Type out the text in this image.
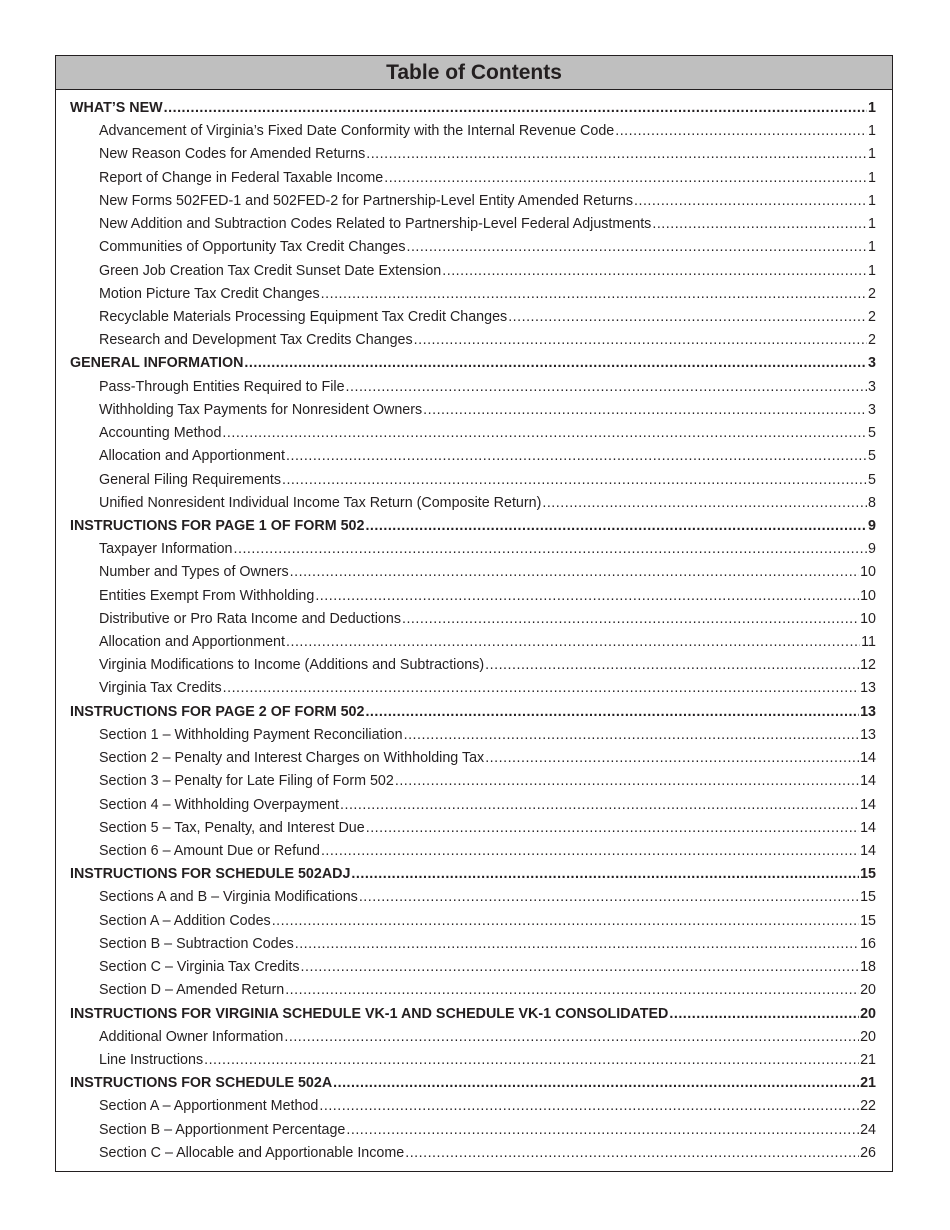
Table of Contents
WHAT’S NEW .....	1
Advancement of Virginia’s Fixed Date Conformity with the Internal Revenue Code .....	1
New Reason Codes for Amended Returns .....	1
Report of Change in Federal Taxable Income .....	1
New Forms 502FED-1 and 502FED-2 for Partnership-Level Entity Amended Returns .....	1
New Addition and Subtraction Codes Related to Partnership-Level Federal Adjustments .....	1
Communities of Opportunity Tax Credit Changes .....	1
Green Job Creation Tax Credit Sunset Date Extension .....	1
Motion Picture Tax Credit Changes .....	2
Recyclable Materials Processing Equipment Tax Credit Changes .....	2
Research and Development Tax Credits Changes .....	2
GENERAL INFORMATION .....	3
Pass-Through Entities Required to File .....	3
Withholding Tax Payments for Nonresident Owners .....	3
Accounting Method .....	5
Allocation and Apportionment .....	5
General Filing Requirements .....	5
Unified Nonresident Individual Income Tax Return (Composite Return) .....	8
INSTRUCTIONS FOR PAGE 1 OF FORM 502 .....	9
Taxpayer Information .....	9
Number and Types of Owners .....	10
Entities Exempt From Withholding .....	10
Distributive or Pro Rata Income and Deductions .....	10
Allocation and Apportionment .....	11
Virginia Modifications to Income (Additions and Subtractions) .....	12
Virginia Tax Credits .....	13
INSTRUCTIONS FOR PAGE 2 OF FORM 502 .....	13
Section 1 – Withholding Payment Reconciliation .....	13
Section 2 – Penalty and Interest Charges on Withholding Tax .....	14
Section 3 – Penalty for Late Filing of Form 502 .....	14
Section 4 – Withholding Overpayment .....	14
Section 5 – Tax, Penalty, and Interest Due .....	14
Section 6 – Amount Due or Refund .....	14
INSTRUCTIONS FOR SCHEDULE 502ADJ .....	15
Sections A and B – Virginia Modifications .....	15
Section A – Addition Codes .....	15
Section B – Subtraction Codes .....	16
Section C – Virginia Tax Credits .....	18
Section D – Amended Return .....	20
INSTRUCTIONS FOR VIRGINIA SCHEDULE VK-1 AND SCHEDULE VK-1 CONSOLIDATED .....	20
Additional Owner Information .....	20
Line Instructions .....	21
INSTRUCTIONS FOR SCHEDULE 502A .....	21
Section A – Apportionment Method .....	22
Section B – Apportionment Percentage .....	24
Section C – Allocable and Apportionable Income .....	26
